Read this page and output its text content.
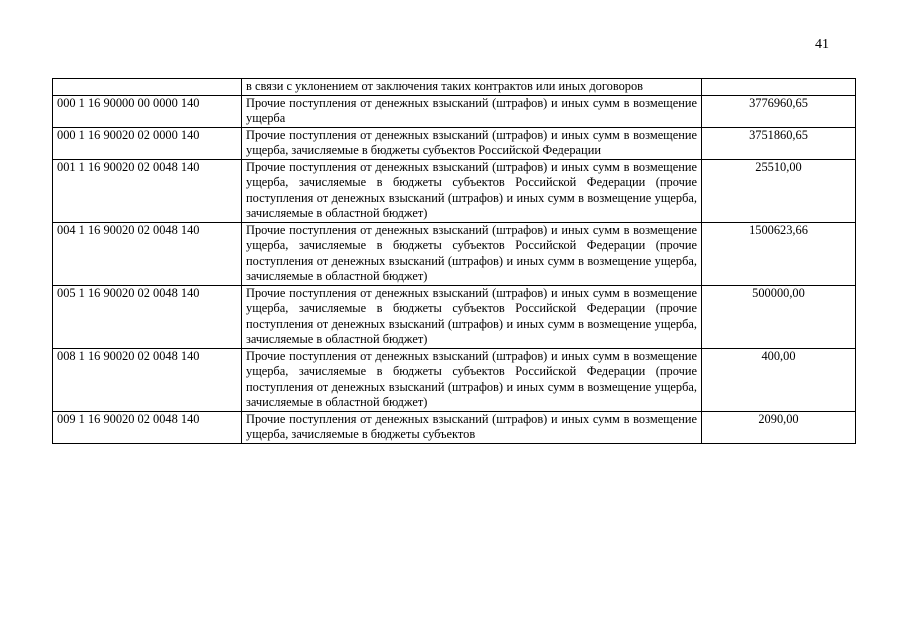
41
	в связи с уклонением от заключения таких контрактов или иных договоров	
000 1 16 90000 00 0000 140	Прочие поступления от денежных взысканий (штрафов) и иных сумм в возмещение ущерба	3776960,65
000 1 16 90020 02 0000 140	Прочие поступления от денежных взысканий (штрафов) и иных сумм в возмещение ущерба, зачисляемые в бюджеты субъектов Российской Федерации	3751860,65
001 1 16 90020 02 0048 140	Прочие поступления от денежных взысканий (штрафов) и иных сумм в возмещение ущерба, зачисляемые в бюджеты субъектов Российской Федерации (прочие поступления от денежных взысканий (штрафов) и иных сумм в возмещение ущерба, зачисляемые в областной бюджет)	25510,00
004 1 16 90020 02 0048 140	Прочие поступления от денежных взысканий (штрафов) и иных сумм в возмещение ущерба, зачисляемые в бюджеты субъектов Российской Федерации (прочие поступления от денежных взысканий (штрафов) и иных сумм в возмещение ущерба, зачисляемые в областной бюджет)	1500623,66
005 1 16 90020 02 0048 140	Прочие поступления от денежных взысканий (штрафов) и иных сумм в возмещение ущерба, зачисляемые в бюджеты субъектов Российской Федерации (прочие поступления от денежных взысканий (штрафов) и иных сумм в возмещение ущерба, зачисляемые в областной бюджет)	500000,00
008 1 16 90020 02 0048 140	Прочие поступления от денежных взысканий (штрафов) и иных сумм в возмещение ущерба, зачисляемые в бюджеты субъектов Российской Федерации (прочие поступления от денежных взысканий (штрафов) и иных сумм в возмещение ущерба, зачисляемые в областной бюджет)	400,00
009 1 16 90020 02 0048 140	Прочие поступления от денежных взысканий (штрафов) и иных сумм в возмещение ущерба, зачисляемые в бюджеты субъектов	2090,00
